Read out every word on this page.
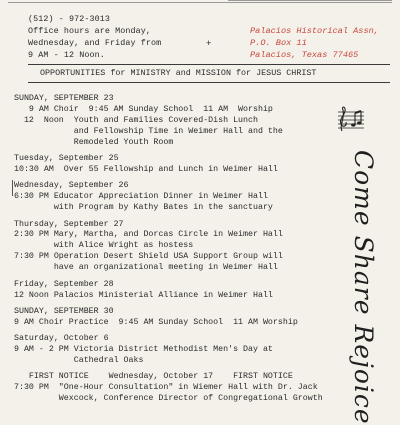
(512) - 972-3013
Office hours are Monday,
Wednesday, and Friday from
9 AM - 12 Noon.
+
Palacios Historical Assn,
P.O. Box 11
Palacios, Texas 77465
OPPORTUNITIES for MINISTRY and MISSION for JESUS CHRIST
SUNDAY, SEPTEMBER 23
9 AM Choir  9:45 AM Sunday School  11 AM  Worship
12  Noon  Youth and Families Covered-Dish Lunch
and Fellowship Time in Weimer Hall and the
Remodeled Youth Room
Tuesday, September 25
10:30 AM  Over 55 Fellowship and Lunch in Weimer Hall
Wednesday, September 26
6:30 PM Educator Appreciation Dinner in Weimer Hall
with Program by Kathy Bates in the sanctuary
Thursday, September 27
2:30 PM Mary, Martha, and Dorcas Circle in Weimer Hall
with Alice Wright as hostess
7:30 PM Operation Desert Shield USA Support Group will
have an organizational meeting in Weimer Hall
Friday, September 28
12 Noon Palacios Ministerial Alliance in Weimer Hall
SUNDAY, SEPTEMBER 30
9 AM Choir Practice  9:45 AM Sunday School  11 AM Worship
Saturday, October 6
9 AM - 2 PM Victoria District Methodist Men's Day at
Cathedral Oaks
FIRST NOTICE    Wednesday, October 17    FIRST NOTICE
7:30 PM  "One-Hour Consultation" in Wiemer Hall with Dr. Jack
Wexcock, Conference Director of Congregational Growth	Come Share Rejoice
